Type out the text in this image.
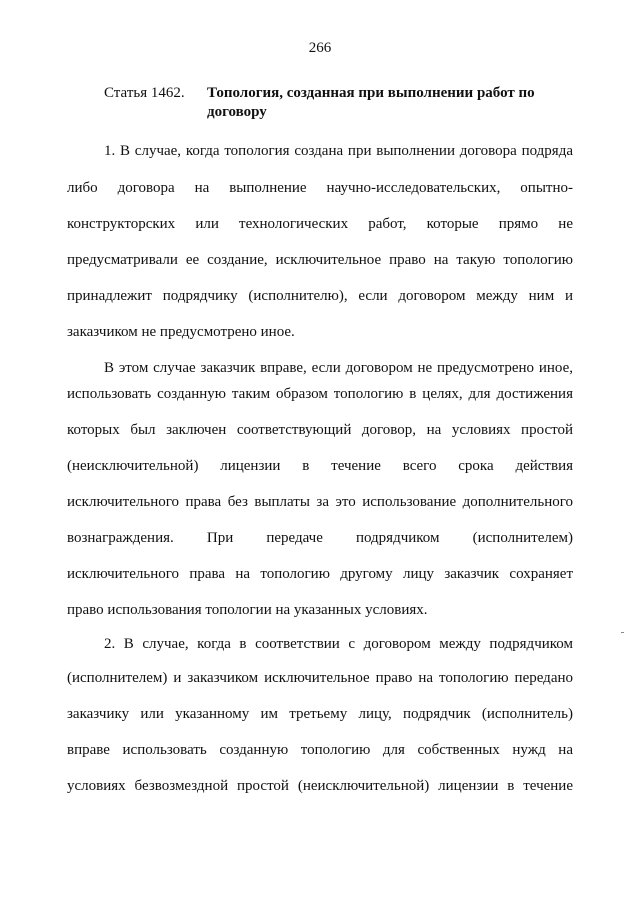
266
Статья 1462. Топология, созданная при выполнении работ по договору
1. В случае, когда топология создана при выполнении договора подряда
либо договора на выполнение научно-исследовательских, опытно-
конструкторских или технологических работ, которые прямо не
предусматривали ее создание, исключительное право на такую топологию
принадлежит подрядчику (исполнителю), если договором между ним и
заказчиком не предусмотрено иное.
В этом случае заказчик вправе, если договором не предусмотрено иное,
использовать созданную таким образом топологию в целях, для достижения
которых был заключен соответствующий договор, на условиях простой
(неисключительной) лицензии в течение всего срока действия
исключительного права без выплаты за это использование дополнительного
вознаграждения. При передаче подрядчиком (исполнителем)
исключительного права на топологию другому лицу заказчик сохраняет
право использования топологии на указанных условиях.
2. В случае, когда в соответствии с договором между подрядчиком
(исполнителем) и заказчиком исключительное право на топологию передано
заказчику или указанному им третьему лицу, подрядчик (исполнитель)
вправе использовать созданную топологию для собственных нужд на
условиях безвозмездной простой (неисключительной) лицензии в течение
